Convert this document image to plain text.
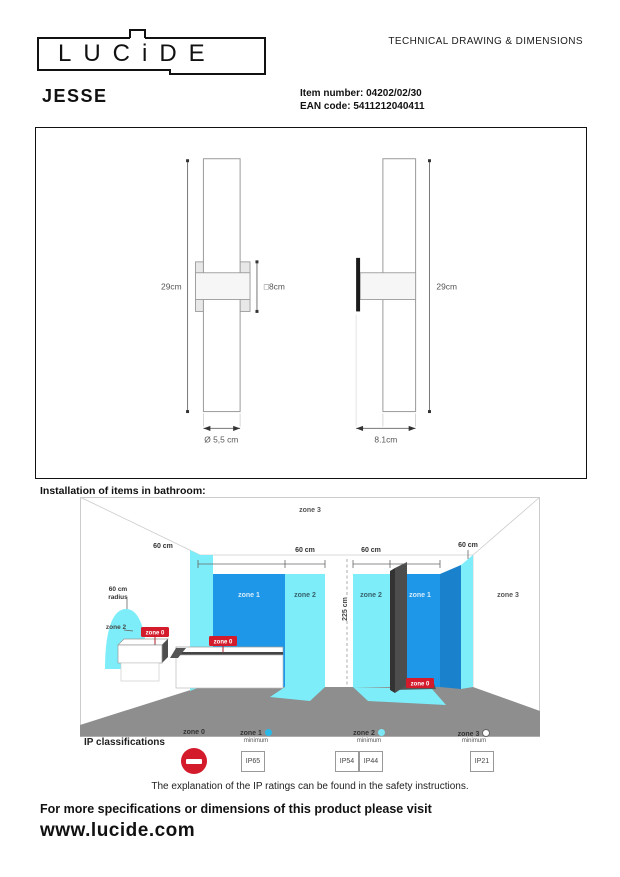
LUCiDE	TECHNICAL DRAWING & DIMENSIONS
JESSE	Item number: 04202/02/30
EAN code: 5411212040411
29cm	□8cm
Ø 5,5 cm
29cm
8.1cm
Installation of items in bathroom:
zone 3
60 cm
60 cm	60 cm
60 cm
zone 1	zone 2	zone 2	zone 1	zone 3
225 cm
60 cm
radius
zone 2
zone 0
zone 0
zone 0
IP classifications
zone 0	zone 1
minimum
IP65
zone 2
minimum
IP54	IP44
zone 3
minimum
IP21
The explanation of the IP ratings can be found in the safety instructions.
For more specifications or dimensions of this product please visit
www.lucide.com
